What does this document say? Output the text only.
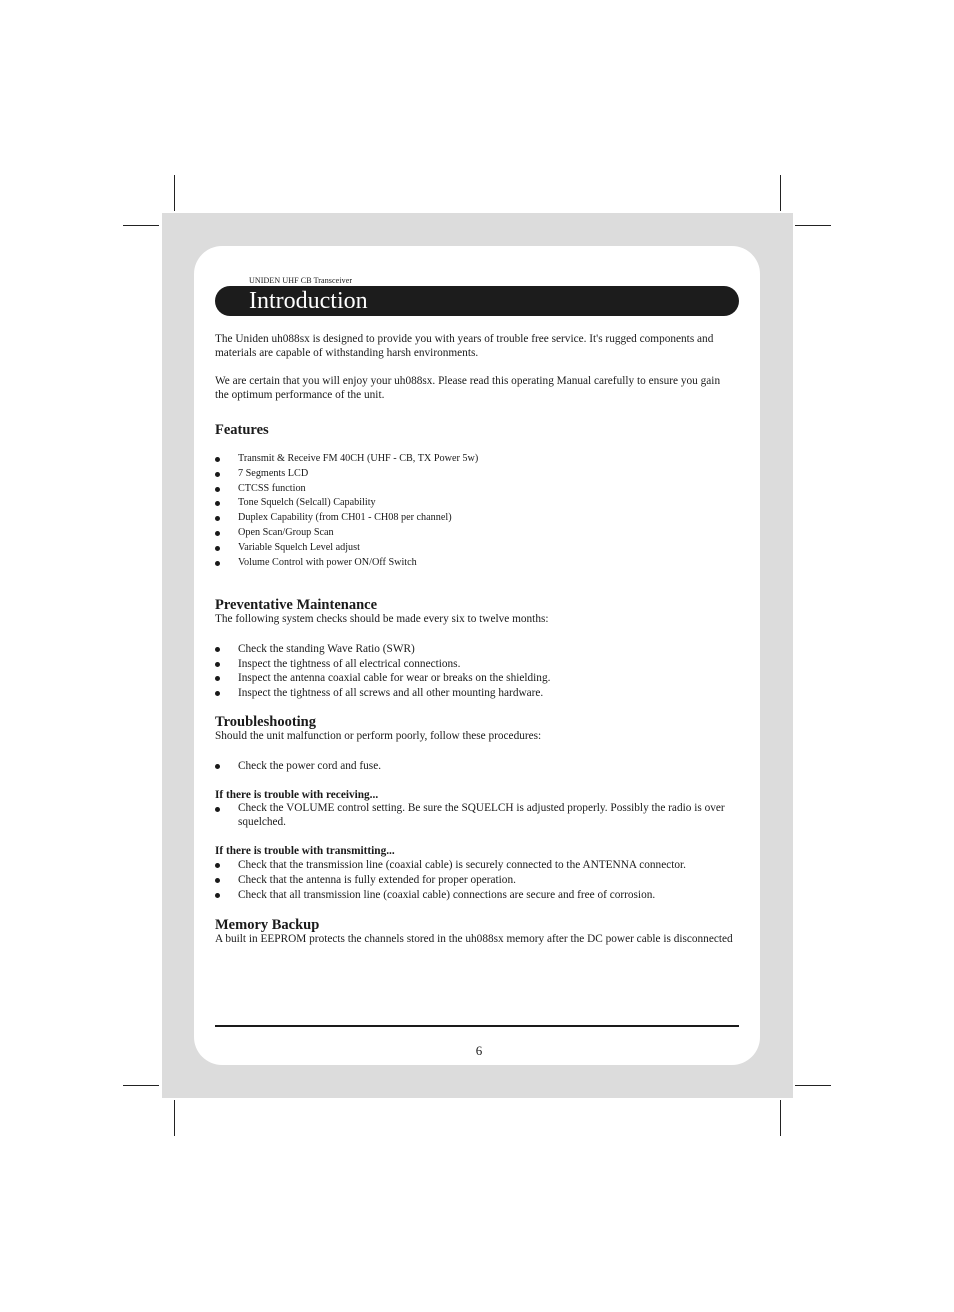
UNIDEN UHF CB Transceiver
Introduction

The Uniden uh088sx is designed to provide you with years of trouble free service. It's rugged components and materials are capable of withstanding harsh environments.

We are certain that you will enjoy your uh088sx. Please read this operating Manual carefully to ensure you gain the optimum performance of the unit.

Features
Transmit & Receive FM 40CH (UHF - CB, TX Power 5w)
7 Segments LCD
CTCSS function
Tone Squelch (Selcall) Capability
Duplex Capability (from CH01 - CH08 per channel)
Open Scan/Group Scan
Variable Squelch Level adjust
Volume Control with power ON/Off Switch
Preventative Maintenance

The following system checks should be made every six to twelve months:

Check the standing Wave Ratio (SWR)
Inspect the tightness of all electrical connections.
Inspect the antenna coaxial cable for wear or breaks on the shielding.
Inspect the tightness of all screws and all other mounting hardware.
Troubleshooting

Should the unit malfunction or perform poorly, follow these procedures:

Check the power cord and fuse.
If there is trouble with receiving...
Check the VOLUME control setting. Be sure the SQUELCH is adjusted properly. Possibly the radio is over squelched.
If there is trouble with transmitting...
Check that the transmission line (coaxial cable) is securely connected to the ANTENNA connector.
Check that the antenna is fully extended for proper operation.
Check that all transmission line (coaxial cable) connections are secure and free of corrosion.
Memory Backup

A built in EEPROM protects the channels stored in the uh088sx memory after the DC power cable is disconnected

6
